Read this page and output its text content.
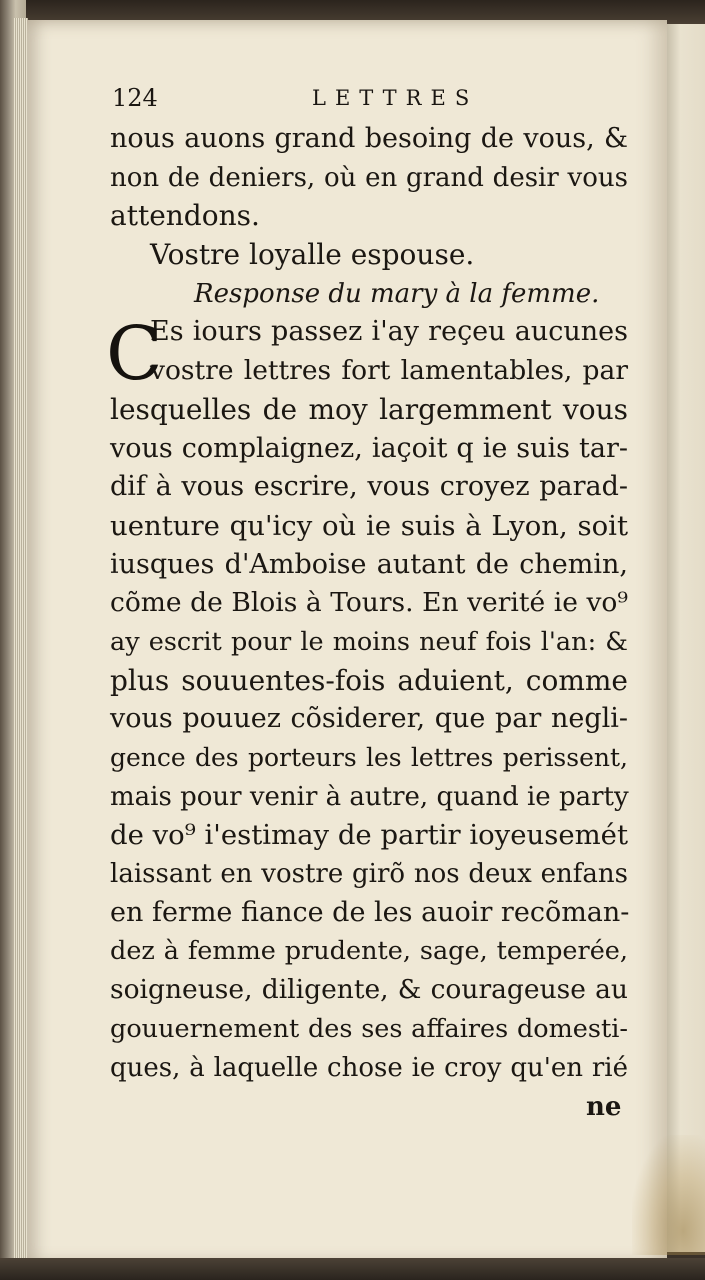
124	LETTRES
nous auons grand besoing de vous, &
non de deniers, où en grand desir vous
attendons.
Vostre loyalle espouse.
Response du mary à la femme.
C
Es iours passez i'ay reçeu aucunes
vostre lettres fort lamentables, par
lesquelles de moy largemment vous
vous complaignez, iaçoit q ie suis tar-
dif à vous escrire, vous croyez parad-
uenture qu'icy où ie suis à Lyon, soit
iusques d'Amboise autant de chemin,
cõme de Blois à Tours. En verité ie vo⁹
ay escrit pour le moins neuf fois l'an: &
plus souuentes-fois aduient, comme
vous pouuez cõsiderer, que par negli-
gence des porteurs les lettres perissent,
mais pour venir à autre, quand ie party
de vo⁹ i'estimay de partir ioyeusemét
laissant en vostre girõ nos deux enfans
en ferme fiance de les auoir recõman-
dez à femme prudente, sage, temperée,
soigneuse, diligente, & courageuse au
gouuernement des ses affaires domesti-
ques, à laquelle chose ie croy qu'en rié
ne
